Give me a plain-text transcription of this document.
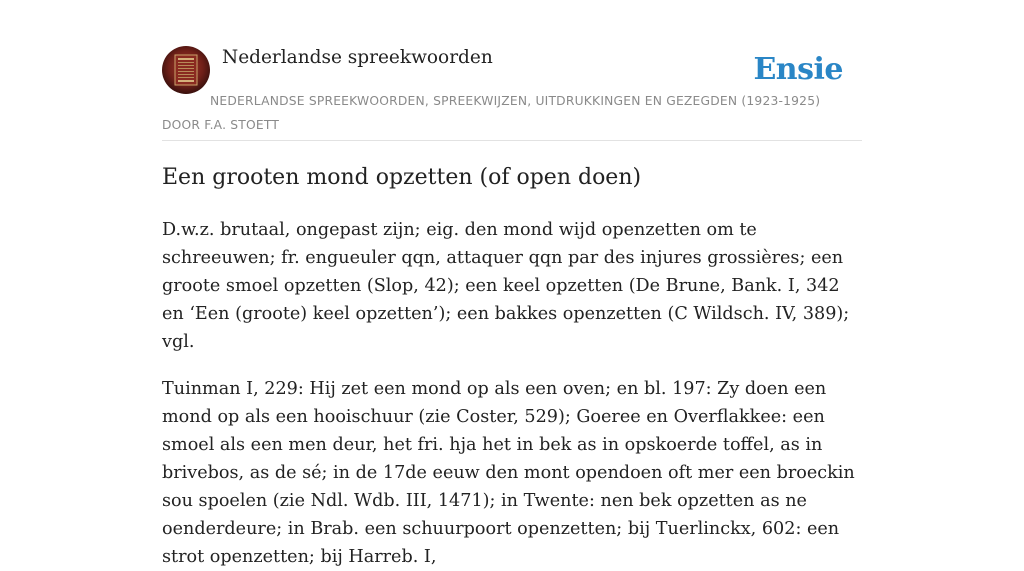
Nederlandse spreekwoorden	Ensie
NEDERLANDSE SPREEKWOORDEN, SPREEKWIJZEN, UITDRUKKINGEN EN GEZEGDEN (1923-1925)
DOOR F.A. STOETT
Een grooten mond opzetten (of open doen)

D.w.z. brutaal, ongepast zijn; eig. den mond wijd openzetten om te schreeuwen; fr. engueuler qqn, attaquer qqn par des injures grossières; een groote smoel opzetten (Slop, 42); een keel opzetten (De Brune, Bank. I, 342 en ‘Een (groote) keel opzetten’); een bakkes openzetten (C Wildsch. IV, 389); vgl.

Tuinman I, 229: Hij zet een mond op als een oven; en bl. 197: Zy doen een mond op als een hooischuur (zie Coster, 529); Goeree en Overflakkee: een smoel als een men deur, het fri. hja het in bek as in opskoerde toffel, as in brivebos, as de sé; in de 17de eeuw den mont opendoen oft mer een broeckin sou spoelen (zie Ndl. Wdb. III, 1471); in Twente: nen bek opzetten as ne oenderdeure; in Brab. een schuurpoort openzetten; bij Tuerlinckx, 602: een strot openzetten; bij Harreb. I,
